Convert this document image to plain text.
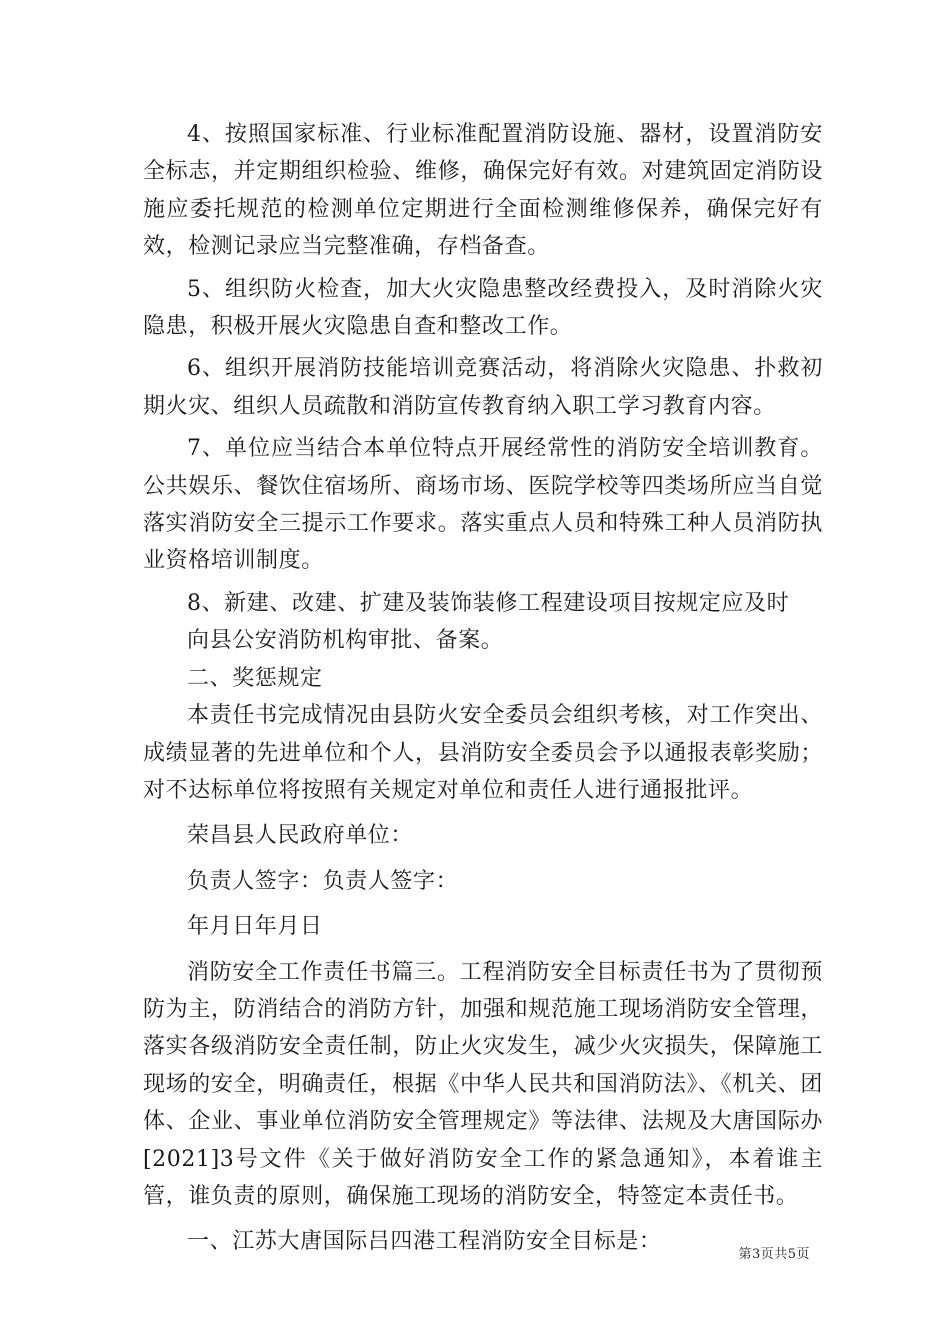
4、按照国家标准、行业标准配置消防设施、器材，设置消防安全标志，并定期组织检验、维修，确保完好有效。对建筑固定消防设施应委托规范的检测单位定期进行全面检测维修保养，确保完好有效，检测记录应当完整准确，存档备查。

5、组织防火检查，加大火灾隐患整改经费投入，及时消除火灾隐患，积极开展火灾隐患自查和整改工作。

6、组织开展消防技能培训竞赛活动，将消除火灾隐患、扑救初期火灾、组织人员疏散和消防宣传教育纳入职工学习教育内容。

7、单位应当结合本单位特点开展经常性的消防安全培训教育。公共娱乐、餐饮住宿场所、商场市场、医院学校等四类场所应当自觉落实消防安全三提示工作要求。落实重点人员和特殊工种人员消防执业资格培训制度。

8、新建、改建、扩建及装饰装修工程建设项目按规定应及时

向县公安消防机构审批、备案。

二、奖惩规定

本责任书完成情况由县防火安全委员会组织考核，对工作突出、成绩显著的先进单位和个人，县消防安全委员会予以通报表彰奖励；对不达标单位将按照有关规定对单位和责任人进行通报批评。

荣昌县人民政府单位：

负责人签字：负责人签字：

年月日年月日

消防安全工作责任书篇三。工程消防安全目标责任书为了贯彻预防为主，防消结合的消防方针，加强和规范施工现场消防安全管理，落实各级消防安全责任制，防止火灾发生，减少火灾损失，保障施工现场的安全，明确责任，根据《中华人民共和国消防法》、《机关、团体、企业、事业单位消防安全管理规定》等法律、法规及大唐国际办[2021]3号文件《关于做好消防安全工作的紧急通知》，本着谁主管，谁负责的原则，确保施工现场的消防安全，特签定本责任书。

一、江苏大唐国际吕四港工程消防安全目标是：

第3页共5页
